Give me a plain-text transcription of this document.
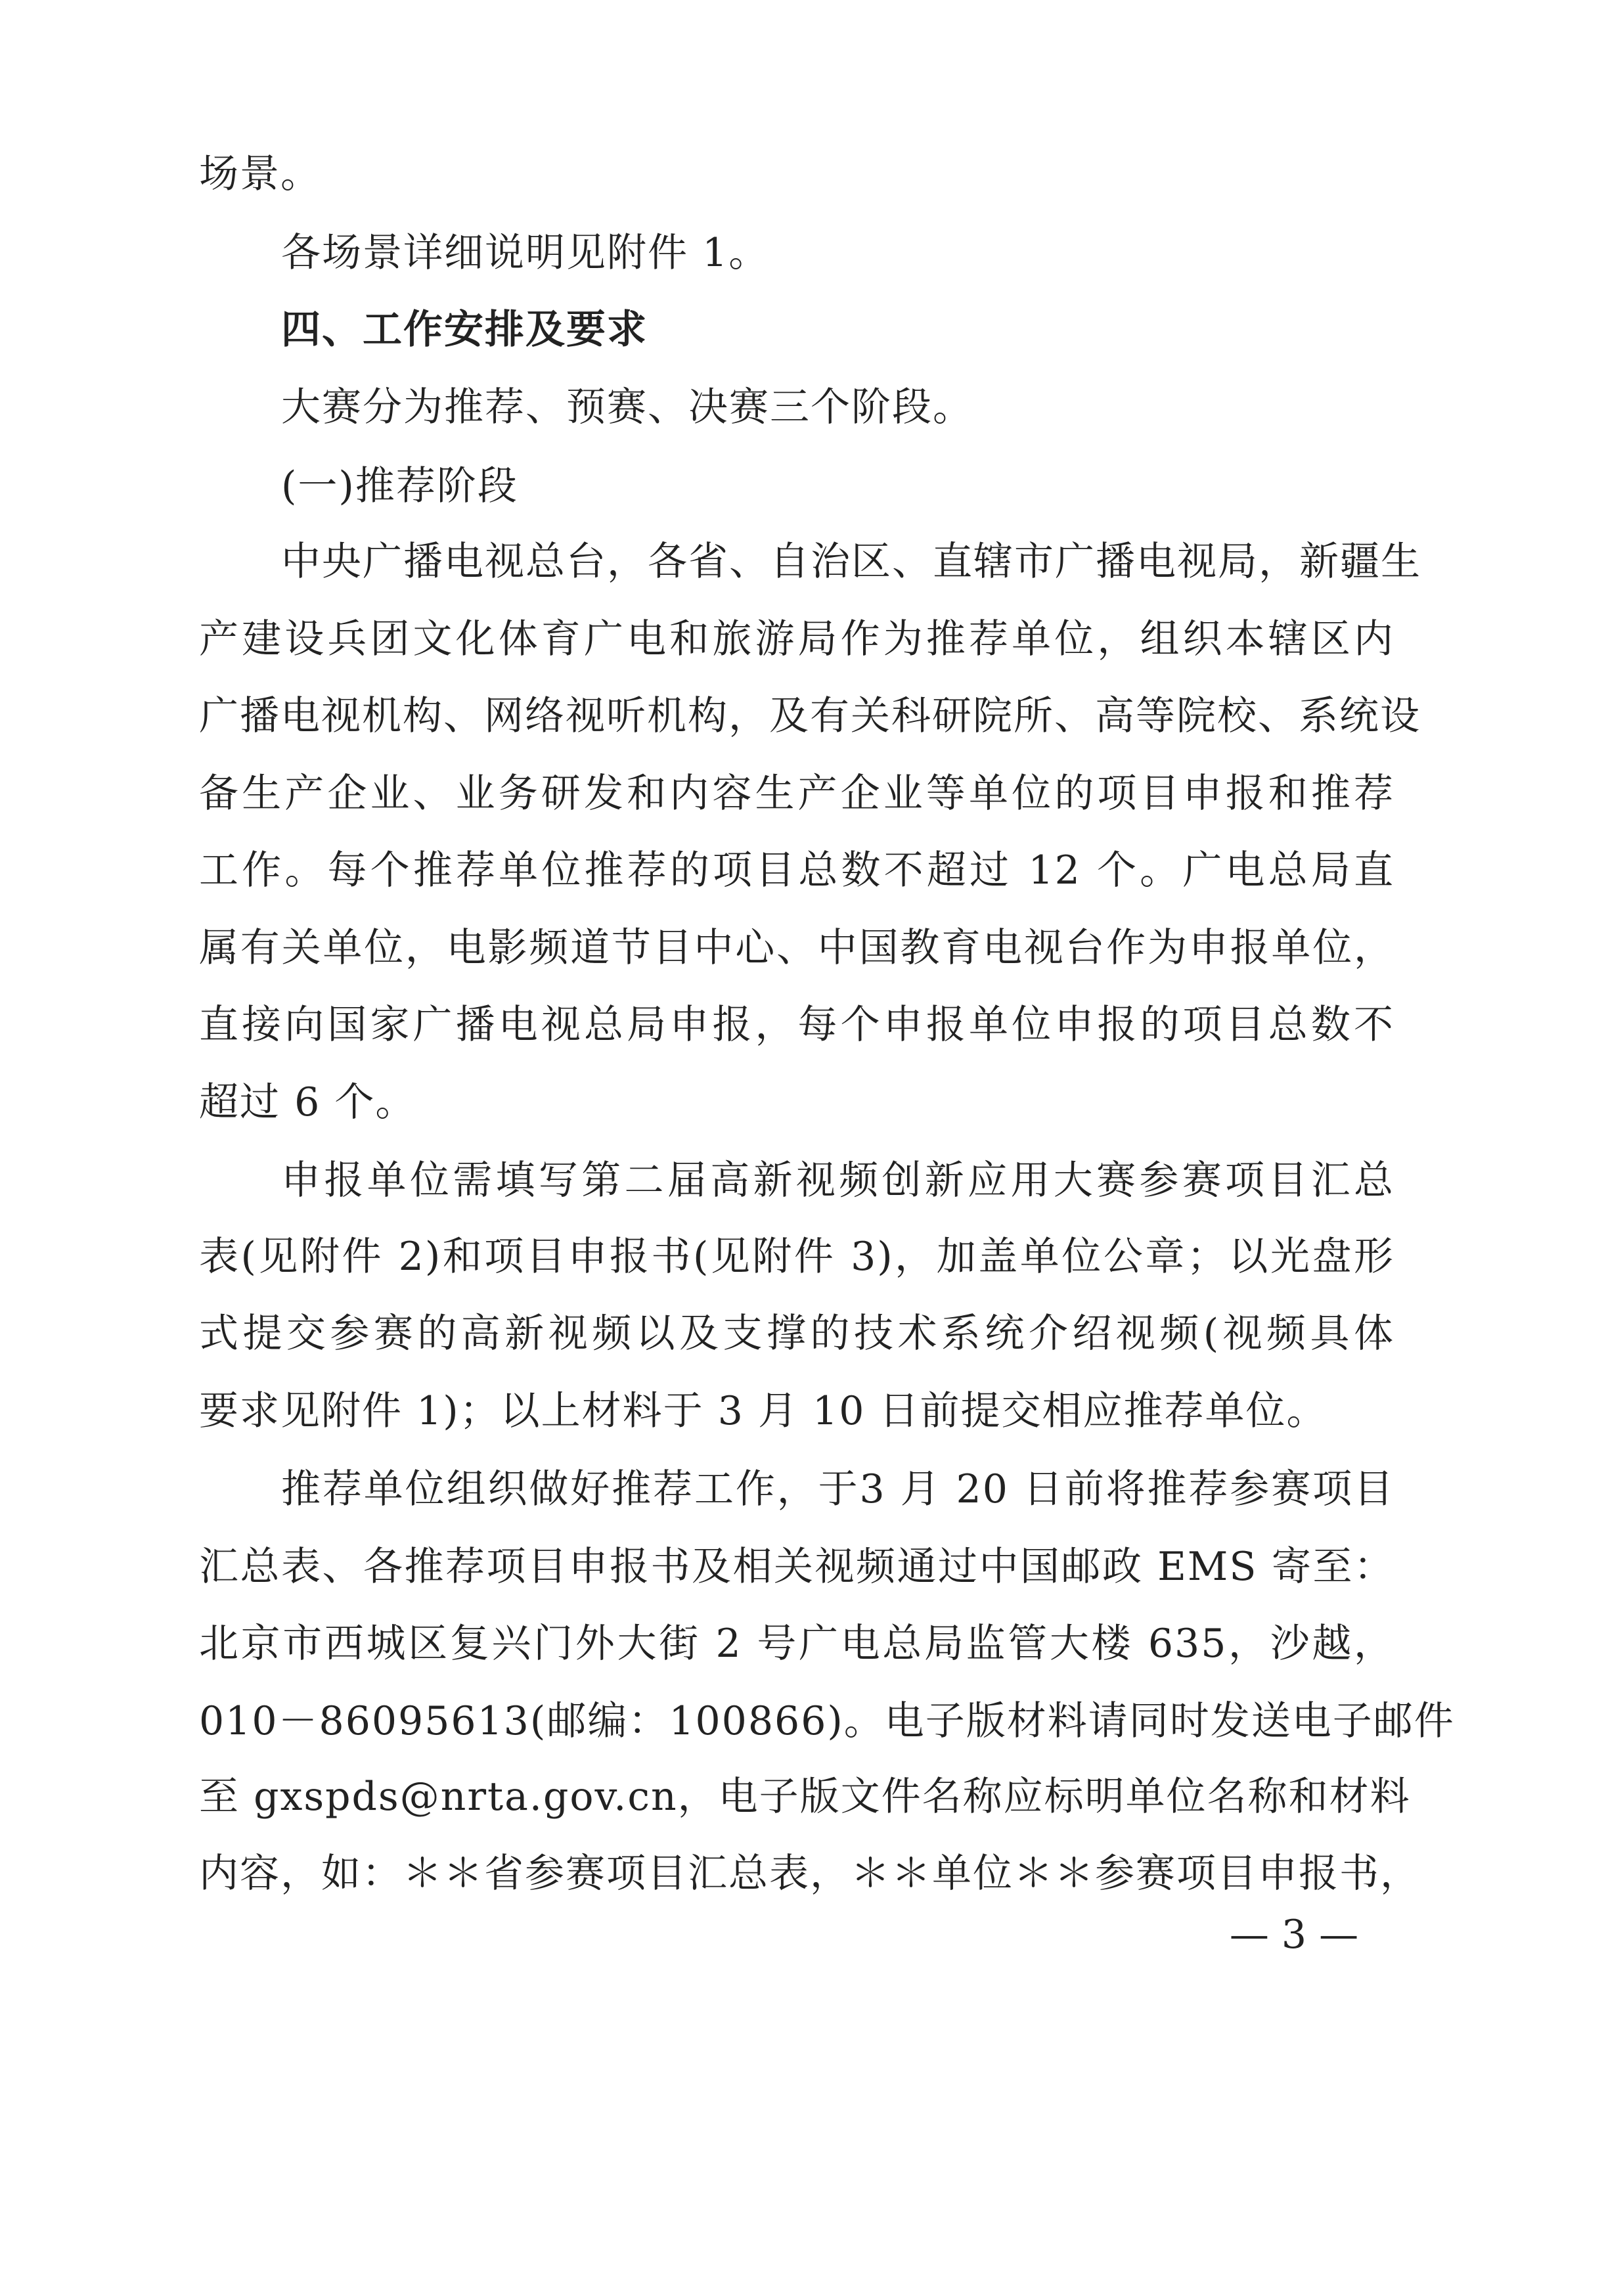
场景。
各场景详细说明见附件 1。
四、工作安排及要求
大赛分为推荐、预赛、决赛三个阶段。
(一)推荐阶段
中央广播电视总台，各省、自治区、直辖市广播电视局，新疆生
产建设兵团文化体育广电和旅游局作为推荐单位，组织本辖区内
广播电视机构、网络视听机构，及有关科研院所、高等院校、系统设
备生产企业、业务研发和内容生产企业等单位的项目申报和推荐
工作。每个推荐单位推荐的项目总数不超过 12 个。广电总局直
属有关单位，电影频道节目中心、中国教育电视台作为申报单位，
直接向国家广播电视总局申报，每个申报单位申报的项目总数不
超过 6 个。
申报单位需填写第二届高新视频创新应用大赛参赛项目汇总
表(见附件 2)和项目申报书(见附件 3)，加盖单位公章；以光盘形
式提交参赛的高新视频以及支撑的技术系统介绍视频(视频具体
要求见附件 1)；以上材料于 3 月 10 日前提交相应推荐单位。
推荐单位组织做好推荐工作，于3 月 20 日前将推荐参赛项目
汇总表、各推荐项目申报书及相关视频通过中国邮政 EMS 寄至：
北京市西城区复兴门外大街 2 号广电总局监管大楼 635，沙越，
010－86095613(邮编：100866)。电子版材料请同时发送电子邮件
至 gxspds@nrta.gov.cn，电子版文件名称应标明单位名称和材料
内容，如：＊＊省参赛项目汇总表，＊＊单位＊＊参赛项目申报书，
— 3 —
